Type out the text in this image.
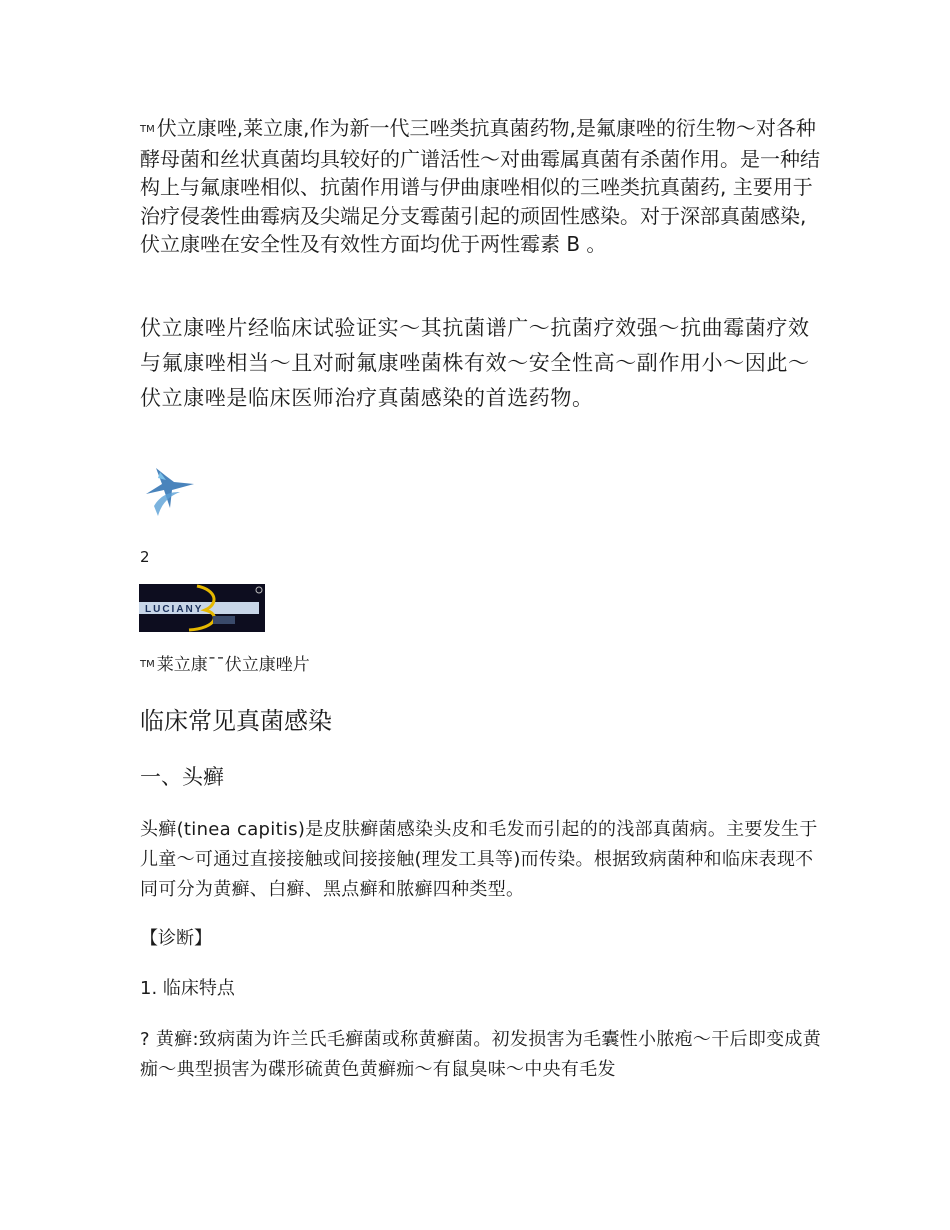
TM 伏立康唑,莱立康,作为新一代三唑类抗真菌药物,是氟康唑的衍生物～对各种酵母菌和丝状真菌均具较好的广谱活性～对曲霉属真菌有杀菌作用。是一种结构上与氟康唑相似、抗菌作用谱与伊曲康唑相似的三唑类抗真菌药, 主要用于治疗侵袭性曲霉病及尖端足分支霉菌引起的顽固性感染。对于深部真菌感染, 伏立康唑在安全性及有效性方面均优于两性霉素 B 。
伏立康唑片经临床试验证实～其抗菌谱广～抗菌疗效强～抗曲霉菌疗效与氟康唑相当～且对耐氟康唑菌株有效～安全性高～副作用小～因此～伏立康唑是临床医师治疗真菌感染的首选药物。
2
LUCIANY
TM 莱立康¯¯伏立康唑片
临床常见真菌感染
一、头癣
头癣(tinea capitis)是皮肤癣菌感染头皮和毛发而引起的的浅部真菌病。主要发生于儿童～可通过直接接触或间接接触(理发工具等)而传染。根据致病菌种和临床表现不同可分为黄癣、白癣、黑点癣和脓癣四种类型。
【诊断】
1. 临床特点
? 黄癣:致病菌为许兰氏毛癣菌或称黄癣菌。初发损害为毛囊性小脓疱～干后即变成黄痂～典型损害为碟形硫黄色黄癣痂～有鼠臭味～中央有毛发
